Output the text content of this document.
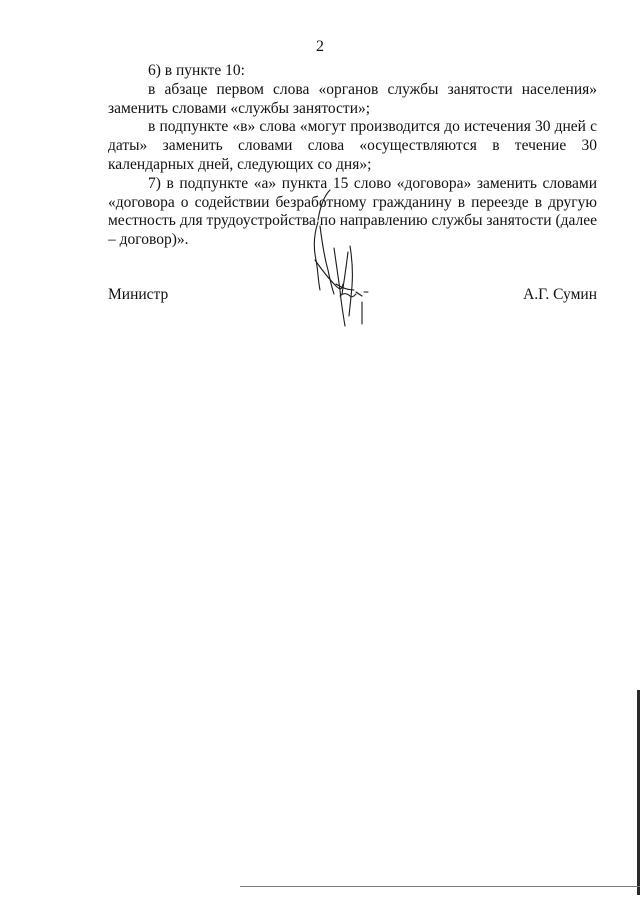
2

6) в пункте 10:

в абзаце первом слова «органов службы занятости населения» заменить словами «службы занятости»;

в подпункте «в» слова «могут производится до истечения 30 дней с даты» заменить словами слова «осуществляются в течение 30 календарных дней, следующих со дня»;

7) в подпункте «а» пункта 15 слово «договора» заменить словами «договора о содействии безработному гражданину в переезде в другую местность для трудоустройства по направлению службы занятости (далее – договор)».

Министр	А.Г. Сумин
